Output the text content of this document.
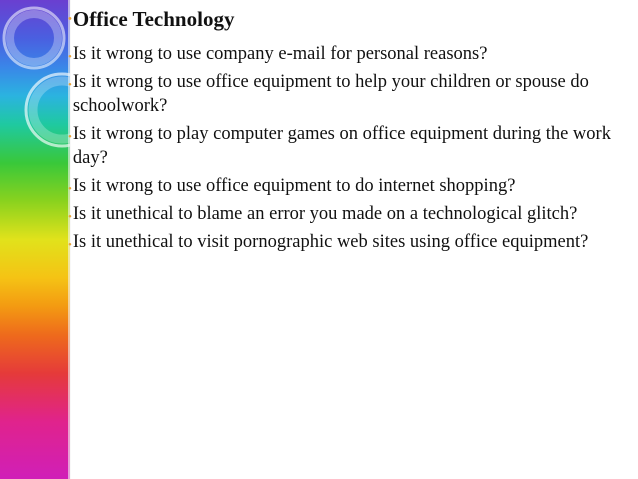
• Office Technology
• Is it wrong to use company e-mail for personal reasons?
• Is it wrong to use office equipment to help your children or spouse do schoolwork?
• Is it wrong to play computer games on office equipment during the work day?
• Is it wrong to use office equipment to do internet shopping?
• Is it unethical to blame an error you made on a technological glitch?
• Is it unethical to visit pornographic web sites using office equipment?
